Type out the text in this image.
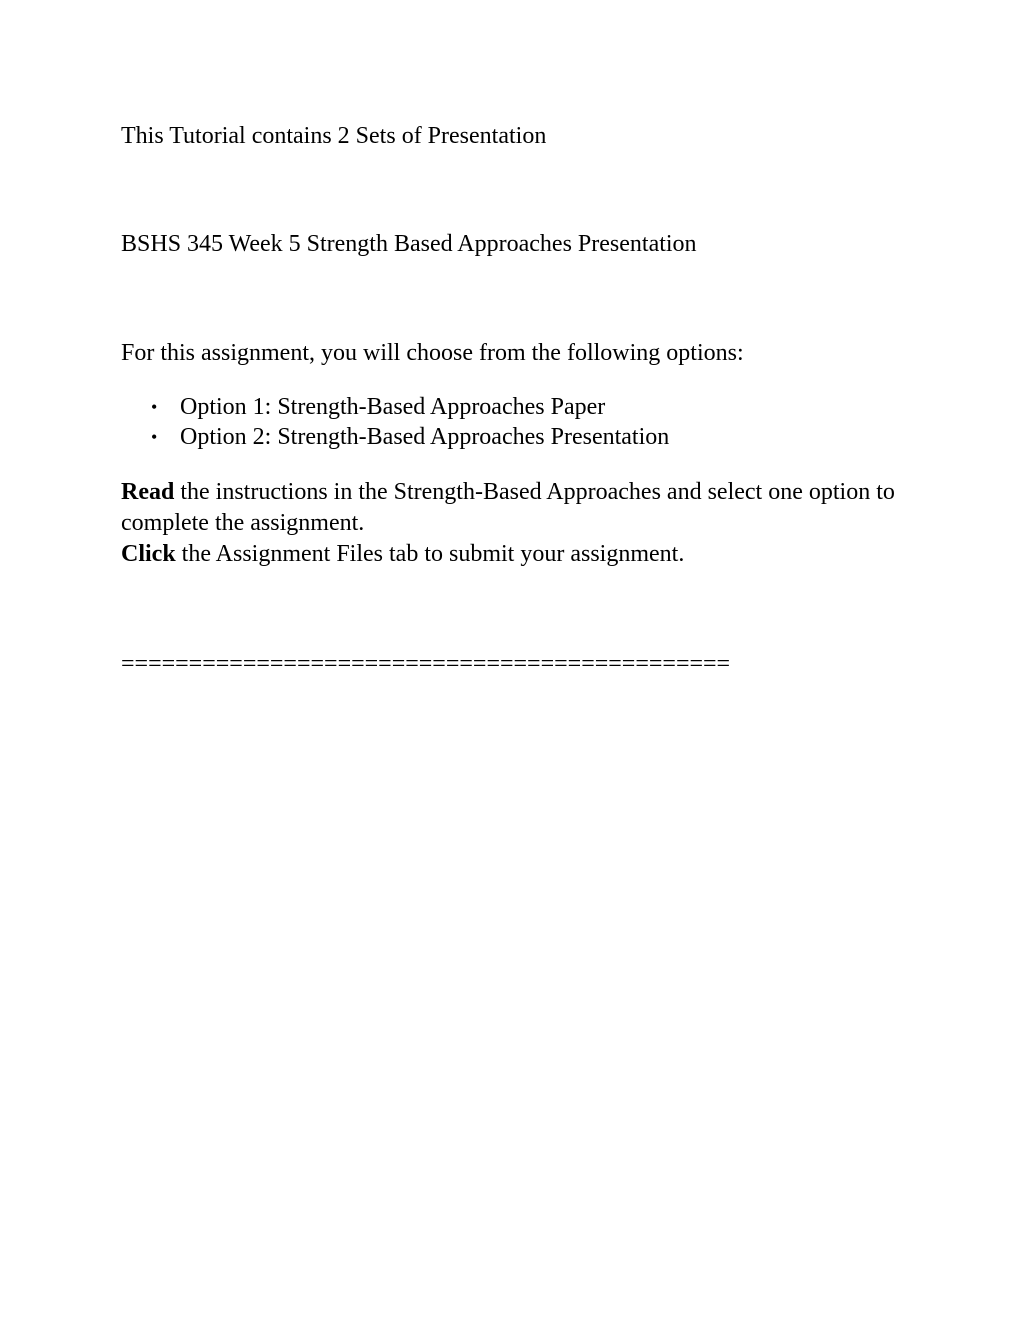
This Tutorial contains 2 Sets of Presentation
BSHS 345 Week 5 Strength Based Approaches Presentation
For this assignment, you will choose from the following options:
• Option 1: Strength-Based Approaches Paper
• Option 2: Strength-Based Approaches Presentation
Read the instructions in the Strength-Based Approaches and select one option to complete the assignment.
Click the Assignment Files tab to submit your assignment.
=============================================
